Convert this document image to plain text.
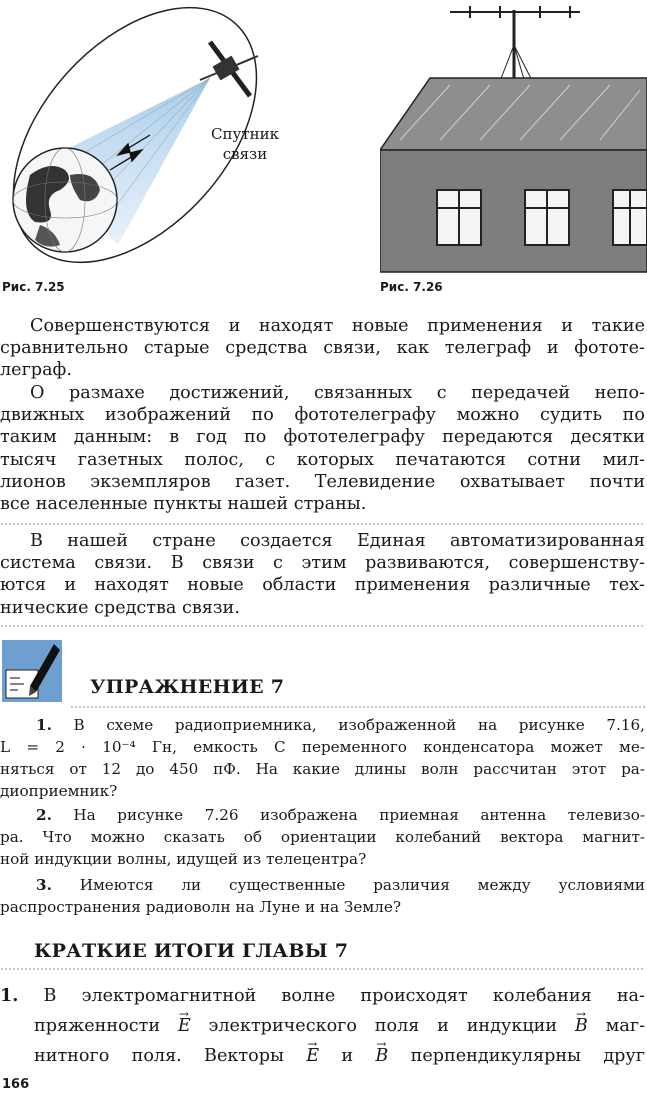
Спутник
связи
Рис. 7.25	Рис. 7.26
Совершенствуются и находят новые применения и такие
сравнительно старые средства связи, как телеграф и фототе-
леграф.
О размахе достижений, связанных с передачей непо-
движных изображений по фототелеграфу можно судить по
таким данным: в год по фототелеграфу передаются десятки
тысяч газетных полос, с которых печатаются сотни мил-
лионов экземпляров газет. Телевидение охватывает почти
все населенные пункты нашей страны.
В нашей стране создается Единая автоматизированная
система связи. В связи с этим развиваются, совершенству-
ются и находят новые области применения различные тех-
нические средства связи.
УПРАЖНЕНИЕ 7
1. В схеме радиоприемника, изображенной на рисунке 7.16,
L = 2 · 10⁻⁴ Гн, емкость С переменного конденсатора может ме-
няться от 12 до 450 пФ. На какие длины волн рассчитан этот ра-
диоприемник?
2. На рисунке 7.26 изображена приемная антенна телевизо-
ра. Что можно сказать об ориентации колебаний вектора магнит-
ной индукции волны, идущей из телецентра?
3. Имеются ли существенные различия между условиями
распространения радиоволн на Луне и на Земле?
КРАТКИЕ ИТОГИ ГЛАВЫ 7
1. В электромагнитной волне происходят колебания на-
пряженности → E электрического поля и индукции → B маг-
нитного поля. Векторы → E и → B перпендикулярны друг
166
